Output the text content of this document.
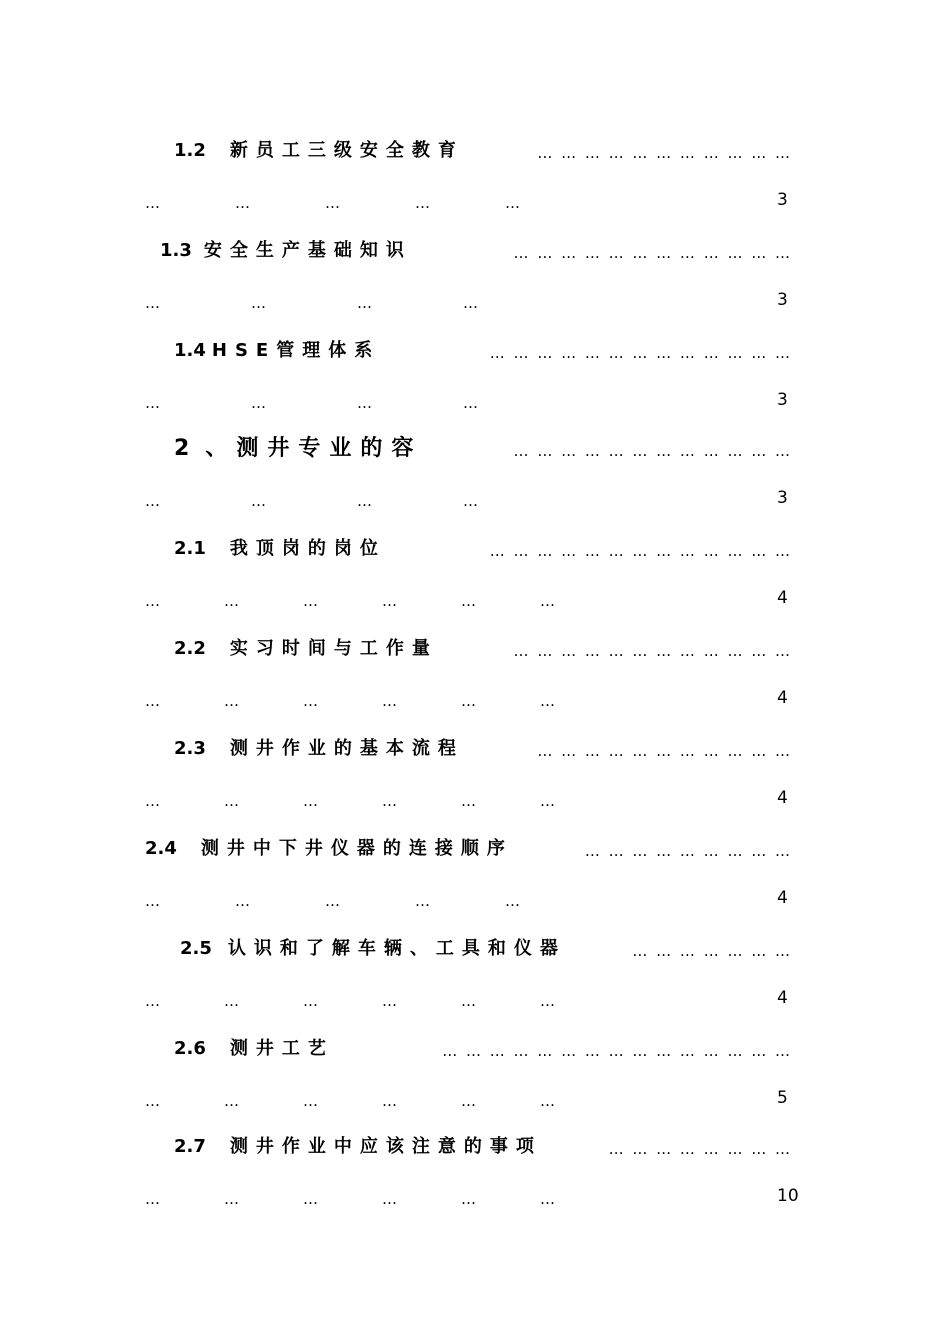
1.2 新员工三级安全教育	… … … … … … … … … … …
…	…	…	…	…	3
1.3 安全生产基础知识	… … … … … … … … … … … …
…	…	…	…	3
1.4 HSE管理体系	… … … … … … … … … … … … …
…	…	…	…	3
2 、测井专业的容	… … … … … … … … … … … …
…	…	…	…	3
2.1 我顶岗的岗位	… … … … … … … … … … … … …
…	…	…	…	…	…	4
2.2 实习时间与工作量	… … … … … … … … … … … …
…	…	…	…	…	…	4
2.3 测井作业的基本流程	… … … … … … … … … … …
…	…	…	…	…	…	4
2.4 测井中下井仪器的连接顺序	… … … … … … … … …
…	…	…	…	…	4
2.5 认识和了解车辆、工具和仪器	… … … … … … …
…	…	…	…	…	…	4
2.6 测井工艺	… … … … … … … … … … … … … … …
…	…	…	…	…	…	5
2.7 测井作业中应该注意的事项	… … … … … … … …
…	…	…	…	…	…	10
